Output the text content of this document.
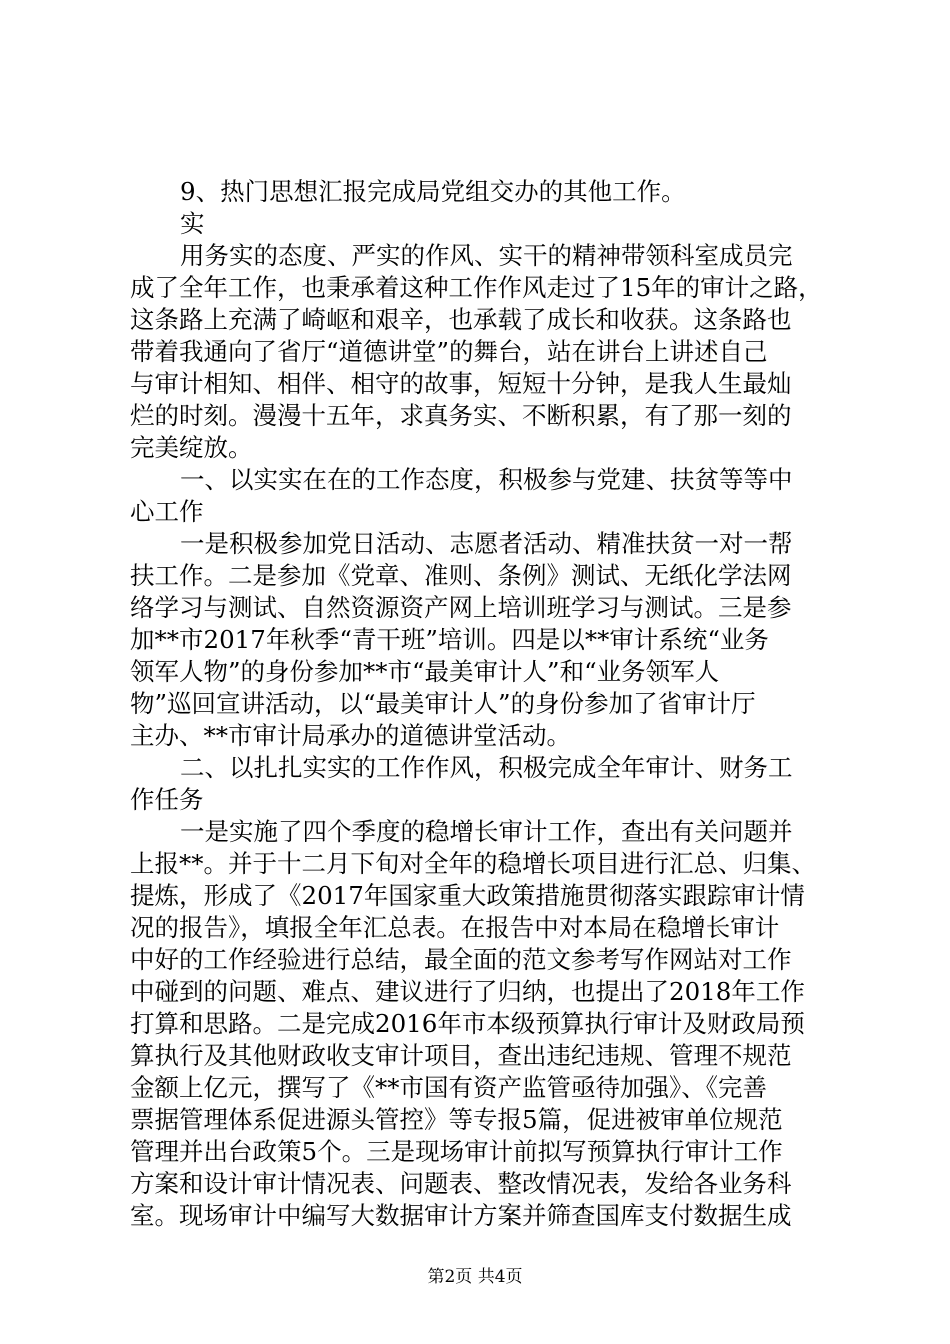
9、热门思想汇报完成局党组交办的其他工作。

实

用务实的态度、严实的作风、实干的精神带领科室成员完

成了全年工作，也秉承着这种工作作风走过了15年的审计之路，

这条路上充满了崎岖和艰辛，也承载了成长和收获。这条路也

带着我通向了省厅“道德讲堂”的舞台，站在讲台上讲述自己

与审计相知、相伴、相守的故事，短短十分钟，是我人生最灿

烂的时刻。漫漫十五年，求真务实、不断积累，有了那一刻的

完美绽放。

一、以实实在在的工作态度，积极参与党建、扶贫等等中

心工作

一是积极参加党日活动、志愿者活动、精准扶贫一对一帮

扶工作。二是参加《党章、准则、条例》测试、无纸化学法网

络学习与测试、自然资源资产网上培训班学习与测试。三是参

加**市2017年秋季“青干班”培训。四是以**审计系统“业务

领军人物”的身份参加**市“最美审计人”和“业务领军人

物”巡回宣讲活动，以“最美审计人”的身份参加了省审计厅

主办、**市审计局承办的道德讲堂活动。

二、以扎扎实实的工作作风，积极完成全年审计、财务工

作任务

一是实施了四个季度的稳增长审计工作，查出有关问题并

上报**。并于十二月下旬对全年的稳增长项目进行汇总、归集、

提炼，形成了《2017年国家重大政策措施贯彻落实跟踪审计情

况的报告》，填报全年汇总表。在报告中对本局在稳增长审计

中好的工作经验进行总结，最全面的范文参考写作网站对工作

中碰到的问题、难点、建议进行了归纳，也提出了2018年工作

打算和思路。二是完成2016年市本级预算执行审计及财政局预

算执行及其他财政收支审计项目，查出违纪违规、管理不规范

金额上亿元，撰写了《**市国有资产监管亟待加强》、《完善

票据管理体系促进源头管控》等专报5篇，促进被审单位规范

管理并出台政策5个。三是现场审计前拟写预算执行审计工作

方案和设计审计情况表、问题表、整改情况表，发给各业务科

室。现场审计中编写大数据审计方案并筛查国库支付数据生成

第2页 共4页
